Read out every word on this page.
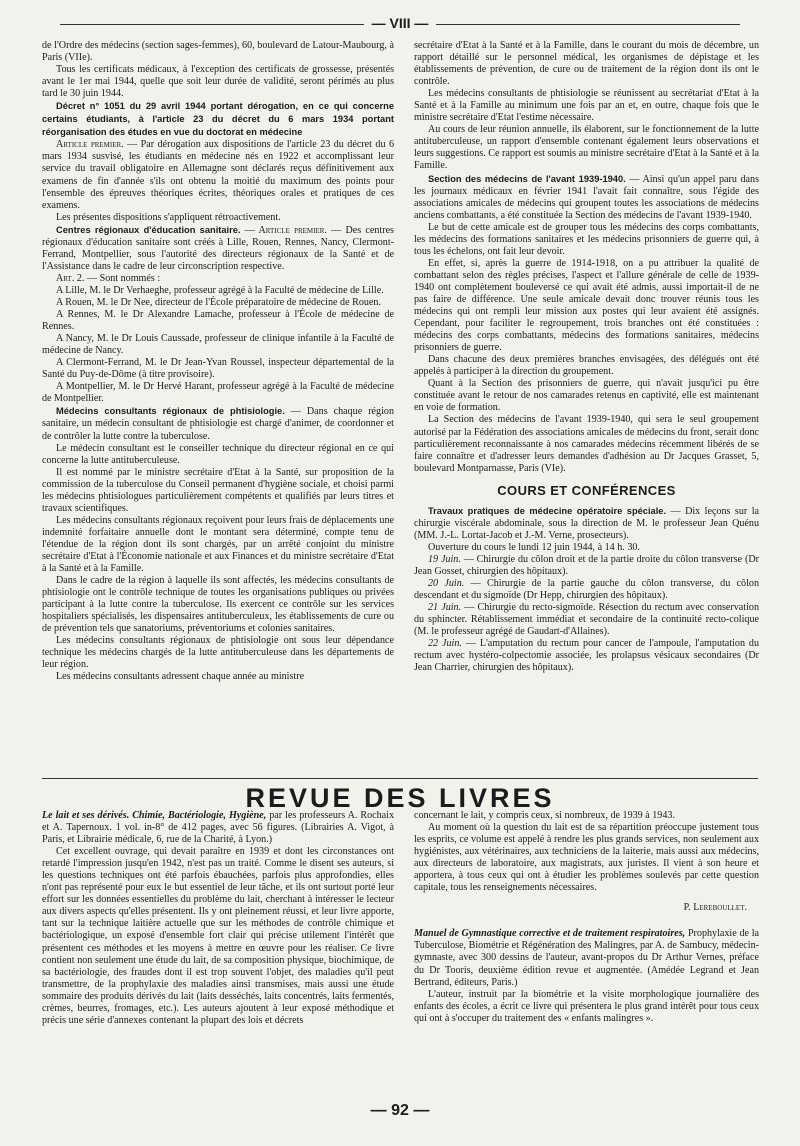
— VIII —

de l'Ordre des médecins (section sages-femmes), 60, boulevard de Latour-Maubourg, à Paris (VIIe).

Tous les certificats médicaux, à l'exception des certificats de grossesse, présentés avant le 1er mai 1944, quelle que soit leur durée de validité, seront périmés au plus tard le 30 juin 1944.

Décret n° 1051 du 29 avril 1944 portant dérogation, en ce qui concerne certains étudiants, à l'article 23 du décret du 6 mars 1934 portant réorganisation des études en vue du doctorat en médecine

Article premier. — Par dérogation aux dispositions de l'article 23 du décret du 6 mars 1934 susvisé, les étudiants en médecine nés en 1922 et accomplissant leur service du travail obligatoire en Allemagne sont déclarés reçus définitivement aux examens de fin d'année s'ils ont obtenu la moitié du maximum des points pour l'ensemble des épreuves théoriques écrites, théoriques orales et pratiques de ces examens.

Les présentes dispositions s'appliquent rétroactivement.

Centres régionaux d'éducation sanitaire. — Article premier. — Des centres régionaux d'éducation sanitaire sont créés à Lille, Rouen, Rennes, Nancy, Clermont-Ferrand, Montpellier, sous l'autorité des directeurs régionaux de la Santé et de l'Assistance dans le cadre de leur circonscription respective.

Art. 2. — Sont nommés :

A Lille, M. le Dr Verhaeghe, professeur agrégé à la Faculté de médecine de Lille.

A Rouen, M. le Dr Nee, directeur de l'École préparatoire de médecine de Rouen.

A Rennes, M. le Dr Alexandre Lamache, professeur à l'École de médecine de Rennes.

A Nancy, M. le Dr Louis Caussade, professeur de clinique infantile à la Faculté de médecine de Nancy.

A Clermont-Ferrand, M. le Dr Jean-Yvan Roussel, inspecteur départemental de la Santé du Puy-de-Dôme (à titre provisoire).

A Montpellier, M. le Dr Hervé Harant, professeur agrégé à la Faculté de médecine de Montpellier.

Médecins consultants régionaux de phtisiologie. — Dans chaque région sanitaire, un médecin consultant de phtisiologie est chargé d'animer, de coordonner et de contrôler la lutte contre la tuberculose.

Le médecin consultant est le conseiller technique du directeur régional en ce qui concerne la lutte antituberculeuse.

Il est nommé par le ministre secrétaire d'Etat à la Santé, sur proposition de la commission de la tuberculose du Conseil permanent d'hygiène sociale, et choisi parmi les médecins phtisiologues particulièrement compétents et qualifiés par leurs titres et travaux scientifiques.

Les médecins consultants régionaux reçoivent pour leurs frais de déplacements une indemnité forfaitaire annuelle dont le montant sera déterminé, compte tenu de l'étendue de la région dont ils sont chargés, par un arrêté conjoint du ministre secrétaire d'Etat à l'Économie nationale et aux Finances et du ministre secrétaire d'Etat à la Santé et à la Famille.

Dans le cadre de la région à laquelle ils sont affectés, les médecins consultants de phtisiologie ont le contrôle technique de toutes les organisations publiques ou privées participant à la lutte contre la tuberculose. Ils exercent ce contrôle sur les services hospitaliers spécialisés, les dispensaires antituberculeux, les établissements de cure ou de prévention tels que sanatoriums, préventoriums et colonies sanitaires.

Les médecins consultants régionaux de phtisiologie ont sous leur dépendance technique les médecins chargés de la lutte antituberculeuse dans les départements de leur région.

Les médecins consultants adressent chaque année au ministre

secrétaire d'Etat à la Santé et à la Famille, dans le courant du mois de décembre, un rapport détaillé sur le personnel médical, les organismes de dépistage et les établissements de prévention, de cure ou de traitement de la région dont ils ont le contrôle.

Les médecins consultants de phtisiologie se réunissent au secrétariat d'Etat à la Santé et à la Famille au minimum une fois par an et, en outre, chaque fois que le ministre secrétaire d'Etat l'estime nécessaire.

Au cours de leur réunion annuelle, ils élaborent, sur le fonctionnement de la lutte antituberculeuse, un rapport d'ensemble contenant également leurs observations et leurs suggestions. Ce rapport est soumis au ministre secrétaire d'Etat à la Santé et à la Famille.

Section des médecins de l'avant 1939-1940. — Ainsi qu'un appel paru dans les journaux médicaux en février 1941 l'avait fait connaître, sous l'égide des associations amicales de médecins qui groupent toutes les associations de médecins anciens combattants, a été constituée la Section des médecins de l'avant 1939-1940.

Le but de cette amicale est de grouper tous les médecins des corps combattants, les médecins des formations sanitaires et les médecins prisonniers de guerre qui, à tous les échelons, ont fait leur devoir.

En effet, si, après la guerre de 1914-1918, on a pu attribuer la qualité de combattant selon des règles précises, l'aspect et l'allure générale de celle de 1939-1940 ont complètement bouleversé ce qui avait été admis, aussi importait-il de ne pas faire de différence. Une seule amicale devait donc trouver réunis tous les médecins qui ont rempli leur mission aux postes qui leur avaient été assignés. Cependant, pour faciliter le regroupement, trois branches ont été constituées : médecins des corps combattants, médecins des formations sanitaires, médecins prisonniers de guerre.

Dans chacune des deux premières branches envisagées, des délégués ont été appelés à participer à la direction du groupement.

Quant à la Section des prisonniers de guerre, qui n'avait jusqu'ici pu être constituée avant le retour de nos camarades retenus en captivité, elle est maintenant en voie de formation.

La Section des médecins de l'avant 1939-1940, qui sera le seul groupement autorisé par la Fédération des associations amicales de médecins du front, serait donc particulièrement reconnaissante à nos camarades médecins récemment libérés de se faire connaître et d'adresser leurs demandes d'adhésion au Dr Jacques Grasset, 5, boulevard Montparnasse, Paris (VIe).

COURS ET CONFÉRENCES

Travaux pratiques de médecine opératoire spéciale. — Dix leçons sur la chirurgie viscérale abdominale, sous la direction de M. le professeur Jean Quénu (MM. J.-L. Lortat-Jacob et J.-M. Verne, prosecteurs).

Ouverture du cours le lundi 12 juin 1944, à 14 h. 30.

19 Juin. — Chirurgie du côlon droit et de la partie droite du côlon transverse (Dr Jean Gosset, chirurgien des hôpitaux).

20 Juin. — Chirurgie de la partie gauche du côlon transverse, du côlon descendant et du sigmoïde (Dr Hepp, chirurgien des hôpitaux).

21 Juin. — Chirurgie du recto-sigmoïde. Résection du rectum avec conservation du sphincter. Rétablissement immédiat et secondaire de la continuité recto-colique (M. le professeur agrégé de Gaudart-d'Allaines).

22 Juin. — L'amputation du rectum pour cancer de l'ampoule, l'amputation du rectum avec hystéro-colpectomie associée, les prolapsus vésicaux secondaires (Dr Jean Charrier, chirurgien des hôpitaux).

REVUE DES LIVRES

Le lait et ses dérivés. Chimie, Bactériologie, Hygiène, par les professeurs A. Rochaix et A. Tapernoux. 1 vol. in-8° de 412 pages, avec 56 figures. (Librairies A. Vigot, à Paris, et Librairie médicale, 6, rue de la Charité, à Lyon.)

Cet excellent ouvrage, qui devait paraître en 1939 et dont les circonstances ont retardé l'impression jusqu'en 1942, n'est pas un traité. Comme le disent ses auteurs, si les questions techniques ont été parfois ébauchées, parfois plus approfondies, elles n'ont pas représenté pour eux le but essentiel de leur tâche, et ils ont surtout porté leur effort sur les données essentielles du problème du lait, cherchant à intéresser le lecteur aux divers aspects qu'elles présentent. Ils y ont pleinement réussi, et leur livre apporte, tant sur la technique laitière actuelle que sur les méthodes de contrôle chimique et bactériologique, un exposé d'ensemble fort clair qui précise utilement l'intérêt que présentent ces méthodes et les moyens à mettre en œuvre pour les réaliser. Ce livre contient non seulement une étude du lait, de sa composition physique, biochimique, de sa bactériologie, des fraudes dont il est trop souvent l'objet, des maladies qu'il peut transmettre, de la prophylaxie des maladies ainsi transmises, mais aussi une étude sommaire des produits dérivés du lait (laits desséchés, laits concentrés, laits fermentés, crèmes, beurres, fromages, etc.). Les auteurs ajoutent à leur exposé méthodique et précis une série d'annexes contenant la plupart des lois et décrets

concernant le lait, y compris ceux, si nombreux, de 1939 à 1943.

Au moment où la question du lait est de sa répartition préoccupe justement tous les esprits, ce volume est appelé à rendre les plus grands services, non seulement aux hygiénistes, aux vétérinaires, aux techniciens de la laiterie, mais aussi aux médecins, aux directeurs de laboratoire, aux magistrats, aux juristes. Il vient à son heure et apportera, à tous ceux qui ont à étudier les problèmes soulevés par cette question capitale, tous les renseignements nécessaires.

P. Lereboullet.

Manuel de Gymnastique corrective et de traitement respiratoires, Prophylaxie de la Tuberculose, Biométrie et Régénération des Malingres, par A. de Sambucy, médecin-gymnaste, avec 300 dessins de l'auteur, avant-propos du Dr Arthur Vernes, préface du Dr Tooris, deuxième édition revue et augmentée. (Amédée Legrand et Jean Bertrand, éditeurs, Paris.)

L'auteur, instruit par la biométrie et la visite morphologique journalière des enfants des écoles, a écrit ce livre qui présentera le plus grand intérêt pour tous ceux qui ont à s'occuper du traitement des « enfants malingres ».

— 92 —
